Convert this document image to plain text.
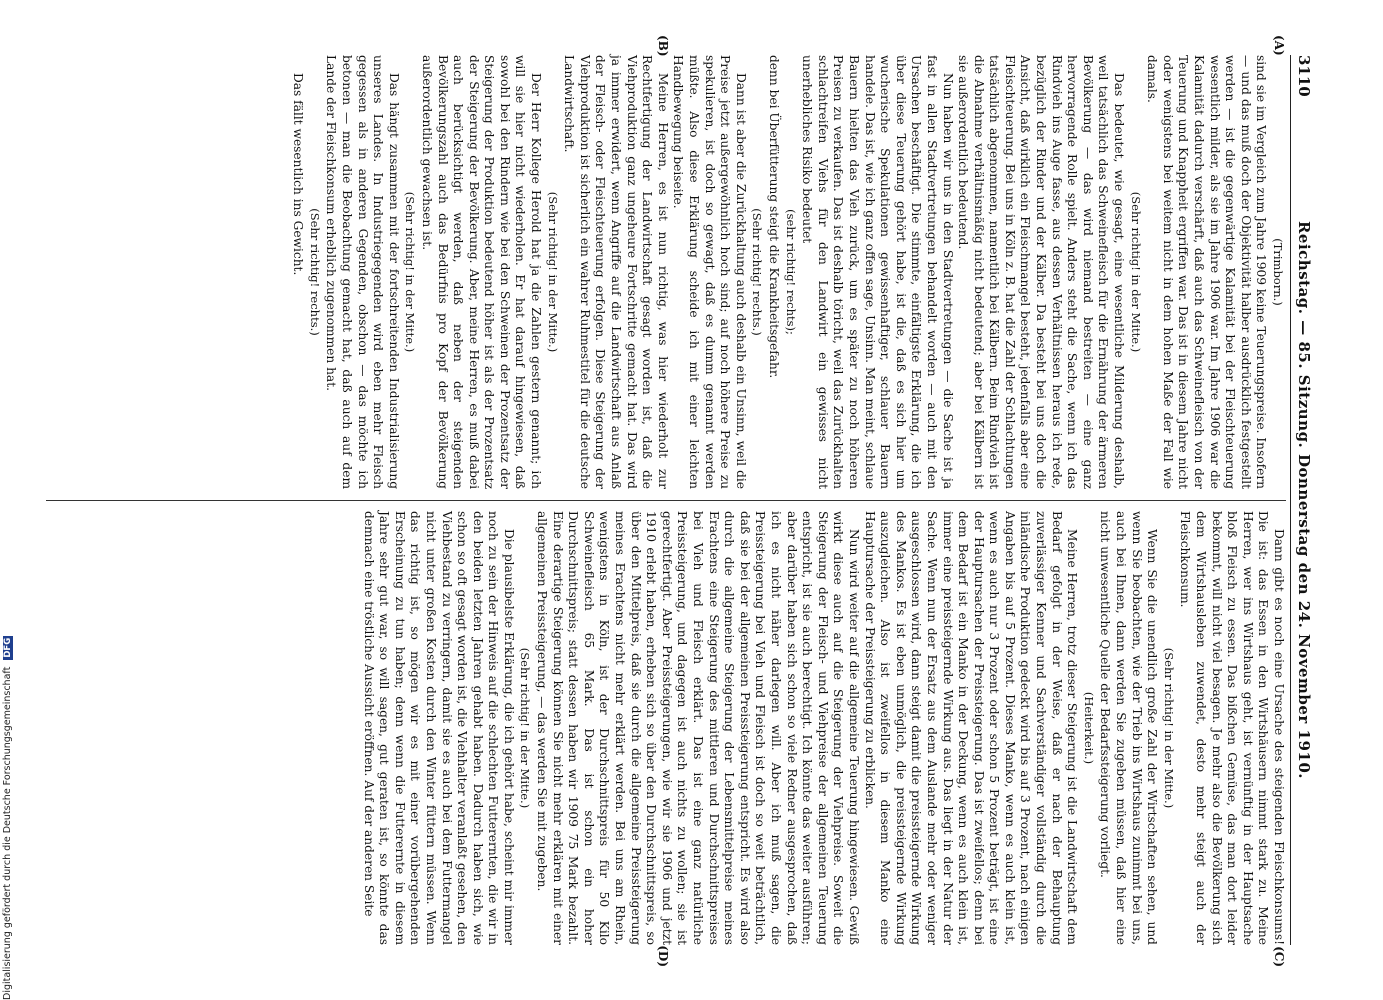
Digitalisierung gefördert durch die Deutsche Forschungsgemeinschaft DFG
3110
Reichstag. — 85. Sitzung. Donnerstag den 24. November 1910.
(A)
(B)
(Trimborn.)

sind sie im Vergleich zum Jahre 1909 keine Teuerungspreise. Insofern — und das muß doch der Objektivität halber ausdrücklich festgestellt werden — ist die gegenwärtige Kalamität bei der Fleischteuerung wesentlich milder, als sie im Jahre 1906 war. Im Jahre 1906 war die Kalamität dadurch verschärft, daß auch das Schweinefleisch von der Teuerung und Knappheit ergriffen war. Das ist in diesem Jahre nicht oder wenigstens bei weitem nicht in dem hohen Maße der Fall wie damals.

(Sehr richtig! in der Mitte.)

Das bedeutet, wie gesagt, eine wesentliche Milderung deshalb, weil tatsächlich das Schweinefleisch für die Ernährung der ärmeren Bevölkerung — das wird niemand bestreiten — eine ganz hervorragende Rolle spielt. Anders steht die Sache, wenn ich das Rindvieh ins Auge fasse, aus dessen Verhältnissen heraus ich rede, bezüglich der Rinder und der Kälber. Da besteht bei uns doch die Ansicht, daß wirklich ein Fleischmangel besteht, jedenfalls aber eine Fleischteuerung. Bei uns in Köln z. B. hat die Zahl der Schlachtungen tatsächlich abgenommen, namentlich bei Kälbern. Beim Rindvieh ist die Abnahme verhältnismäßig nicht bedeutend; aber bei Kälbern ist sie außerordentlich bedeutend.

Nun haben wir uns in den Stadtvertretungen — die Sache ist ja fast in allen Stadtvertretungen behandelt worden — auch mit den Ursachen beschäftigt. Die stimmte, einfältigste Erklärung, die ich über diese Teuerung gehört habe, ist die, daß es sich hier um wucherische Spekulationen gewissenhaftiger, schlauer Bauern handele. Das ist, wie ich ganz offen sage, Unsinn. Man meint, schlaue Bauern hielten das Vieh zurück, um es später zu noch höheren Preisen zu verkaufen. Das ist deshalb töricht, weil das Zurückhalten schlachtreifen Viehs für den Landwirt ein gewisses nicht unerhebliches Risiko bedeutet

(sehr richtig! rechts);

denn bei Überfütterung steigt die Krankheitsgefahr.

(Sehr richtig! rechts.)

Dann ist aber die Zurückhaltung auch deshalb ein Unsinn, weil die Preise jetzt außergewöhnlich hoch sind; auf noch höhere Preise zu spekulieren, ist doch so gewagt, daß es dumm genannt werden müßte. Also diese Erklärung scheide ich mit einer leichten Handbewegung beiseite.

Meine Herren, es ist nun richtig, was hier wiederholt zur Rechtfertigung der Landwirtschaft gesagt worden ist, daß die Viehproduktion ganz ungeheure Fortschritte gemacht hat. Das wird ja immer erwidert, wenn Angriffe auf die Landwirtschaft aus Anlaß der Fleisch- oder Fleischteuerung erfolgen. Diese Steigerung der Viehproduktion ist sicherlich ein wahrer Ruhmestitel für die deutsche Landwirtschaft.

(Sehr richtig! in der Mitte.)

Der Herr Kollege Herold hat ja die Zahlen gestern genannt; ich will sie hier nicht wiederholen. Er hat darauf hingewiesen, daß sowohl bei den Rindern wie bei den Schweinen der Prozentsatz der Steigerung der Produktion bedeutend höher ist als der Prozentsatz der Steigerung der Bevölkerung. Aber, meine Herren, es muß dabei auch berücksichtigt werden, daß neben der steigenden Bevölkerungszahl auch das Bedürfnis pro Kopf der Bevölkerung außerordentlich gewachsen ist.

(Sehr richtig! in der Mitte.)

Das hängt zusammen mit der fortschreitenden Industrialisierung unseres Landes. In Industriegegenden wird eben mehr Fleisch gegessen als in anderen Gegenden, obschon — das möchte ich betonen — man die Beobachtung gemacht hat, daß auch auf dem Lande der Fleischkonsum erheblich zugenommen hat.

(Sehr richtig! rechts.)

Das fällt wesentlich ins Gewicht.

(C)
(D)

Dann gibt es noch eine Ursache des steigenden Fleischkonsums! Die ist: das Essen in den Wirtshäusern nimmt stark zu. Meine Herren, wer ins Wirtshaus geht, ist vernünftig in der Hauptsache bloß Fleisch zu essen. Das bißchen Gemüse, das man dort leider bekommt, will nicht viel besagen. Je mehr also die Bevölkerung sich dem Wirtshausleben zuwendet, desto mehr steigt auch der Fleischkonsum.

(Sehr richtig! in der Mitte.)

Wenn Sie die unendlich große Zahl der Wirtschaften sehen, und wenn Sie beobachten, wie der Trieb ins Wirtshaus zunimmt bei uns, auch bei Ihnen, dann werden Sie zugeben müssen, daß hier eine nicht unwesentliche Quelle der Bedarfssteigerung vorliegt.

(Heiterkeit.)

Meine Herren, trotz dieser Steigerung ist die Landwirtschaft dem Bedarf gefolgt in der Weise, daß er nach der Behauptung zuverlässiger Kenner und Sachverständiger vollständig durch die inländische Produktion gedeckt wird bis auf 3 Prozent, nach einigen Angaben bis auf 5 Prozent. Dieses Manko, wenn es auch klein ist, wenn es auch nur 3 Prozent oder schon 5 Prozent beträgt, ist eine der Hauptursachen der Preissteigerung. Das ist zweifellos; denn bei dem Bedarf ist ein Manko in der Deckung, wenn es auch klein ist, immer eine preissteigernde Wirkung aus. Das liegt in der Natur der Sache. Wenn nun der Ersatz aus dem Auslande mehr oder weniger ausgeschlossen wird, dann steigt damit die preissteigernde Wirkung des Mankos. Es ist eben unmöglich, die preissteigernde Wirkung auszugleichen. Also ist zweifellos in diesem Manko eine Hauptursache der Preissteigerung zu erblicken.

Nun wird weiter auf die allgemeine Teuerung hingewiesen. Gewiß wirkt diese auch auf die Steigerung der Viehpreise. Soweit die Steigerung der Fleisch- und Viehpreise der allgemeinen Teuerung entspricht, ist sie auch berechtigt. Ich könnte das weiter ausführen; aber darüber haben sich schon so viele Redner ausgesprochen, daß ich es nicht näher darlegen will. Aber ich muß sagen, die Preissteigerung bei Vieh und Fleisch ist doch so weit beträchtlich, daß sie bei der allgemeinen Preissteigerung entspricht. Es wird also durch die allgemeine Steigerung der Lebensmittelpreise meines Erachtens eine Steigerung des mittleren und Durchschnittspreises bei Vieh und Fleisch erklärt. Das ist eine ganz natürliche Preissteigerung, und dagegen ist auch nichts zu wollen; sie ist gerechtfertigt. Aber Preissteigerungen, wie wir sie 1906 und jetzt 1910 erlebt haben, erheben sich so über den Durchschnittspreis, so über den Mittelpreis, daß sie durch die allgemeine Preissteigerung meines Erachtens nicht mehr erklärt werden. Bei uns am Rhein, wenigstens in Köln, ist der Durchschnittspreis für 50 Kilo Schweinefleisch 65 Mark. Das ist schon ein hoher Durchschnittspreis; statt dessen haben wir 1909 75 Mark bezahlt. Eine derartige Steigerung können Sie nicht mehr erklären mit einer allgemeinen Preissteigerung, — das werden Sie mit zugeben.

(Sehr richtig! in der Mitte.)

Die plausibelste Erklärung, die ich gehört habe, scheint mir immer noch zu sein der Hinweis auf die schlechten Futterernten, die wir in den beiden letzten Jahren gehabt haben. Dadurch haben sich, wie schon so oft gesagt worden ist, die Viehhalter veranlaßt gesehen, den Viehbestand zu verringern, damit sie es auch bei dem Futtermangel nicht unter großen Kosten durch den Winter füttern müssen. Wenn das richtig ist, so mögen wir es mit einer vorübergehenden Erscheinung zu tun haben; denn wenn die Futterernte in diesem Jahre sehr gut war, so will sagen, gut geraten ist, so könnte das demnach eine tröstliche Aussicht eröffnen. Auf der anderen Seite
